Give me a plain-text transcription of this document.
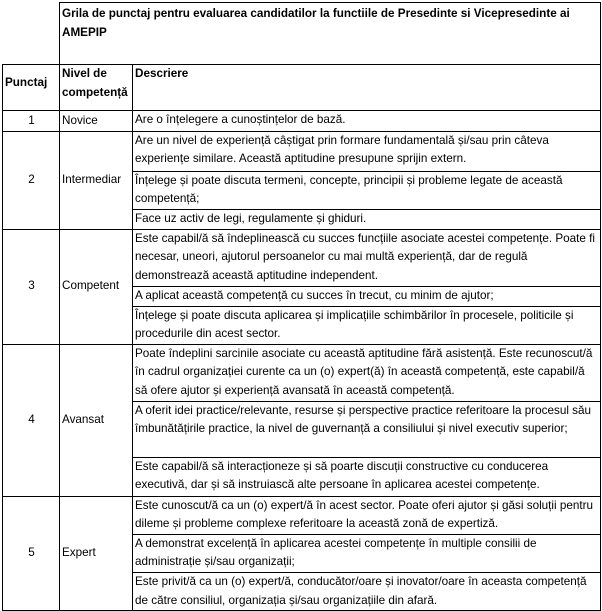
	Grila de punctaj pentru evaluarea candidatilor la functiile de Presedinte si Vicepresedinte ai AMEPIP	
Punctaj	Nivel de competență	Descriere
1	Novice	Are o înțelegere a cunoștințelor de bază.
2	Intermediar	Are un nivel de experiență câștigat prin formare fundamentală și/sau prin câteva experiențe similare. Această aptitudine presupune sprijin extern.
		Înțelege și poate discuta termeni, concepte, principii și probleme legate de această competență;
		Face uz activ de legi, regulamente și ghiduri.
3	Competent	Este capabil/ă să îndeplinească cu succes funcțiile asociate acestei competențe. Poate fi necesar, uneori, ajutorul persoanelor cu mai multă experiență, dar de regulă demonstrează această aptitudine independent.
		A aplicat această competență cu succes în trecut, cu minim de ajutor;
		Înțelege și poate discuta aplicarea și implicațiile schimbărilor în procesele, politicile și procedurile din acest sector.
4	Avansat	Poate îndeplini sarcinile asociate cu această aptitudine fără asistență. Este recunoscut/ă în cadrul organizației curente ca un (o) expert(ă) în această competență, este capabil/ă să ofere ajutor și experiență avansată în această competență.
		A oferit idei practice/relevante, resurse și perspective practice referitoare la procesul său îmbunătățirile practice, la nivel de guvernanță a consiliului și nivel executiv superior;
		Este capabil/ă să interacționeze și să poarte discuții constructive cu conducerea executivă, dar și să instruiască alte persoane în aplicarea acestei competențe.
5	Expert	Este cunoscut/ă ca un (o) expert/ă în acest sector. Poate oferi ajutor și găsi soluții pentru dileme și probleme complexe referitoare la această zonă de expertiză.
		A demonstrat excelență în aplicarea acestei competențe în multiple consilii de administrație și/sau organizații;
		Este privit/ă ca un (o) expert/ă, conducător/oare și inovator/oare în aceasta competență de către consiliul, organizația și/sau organizațiile din afară.
